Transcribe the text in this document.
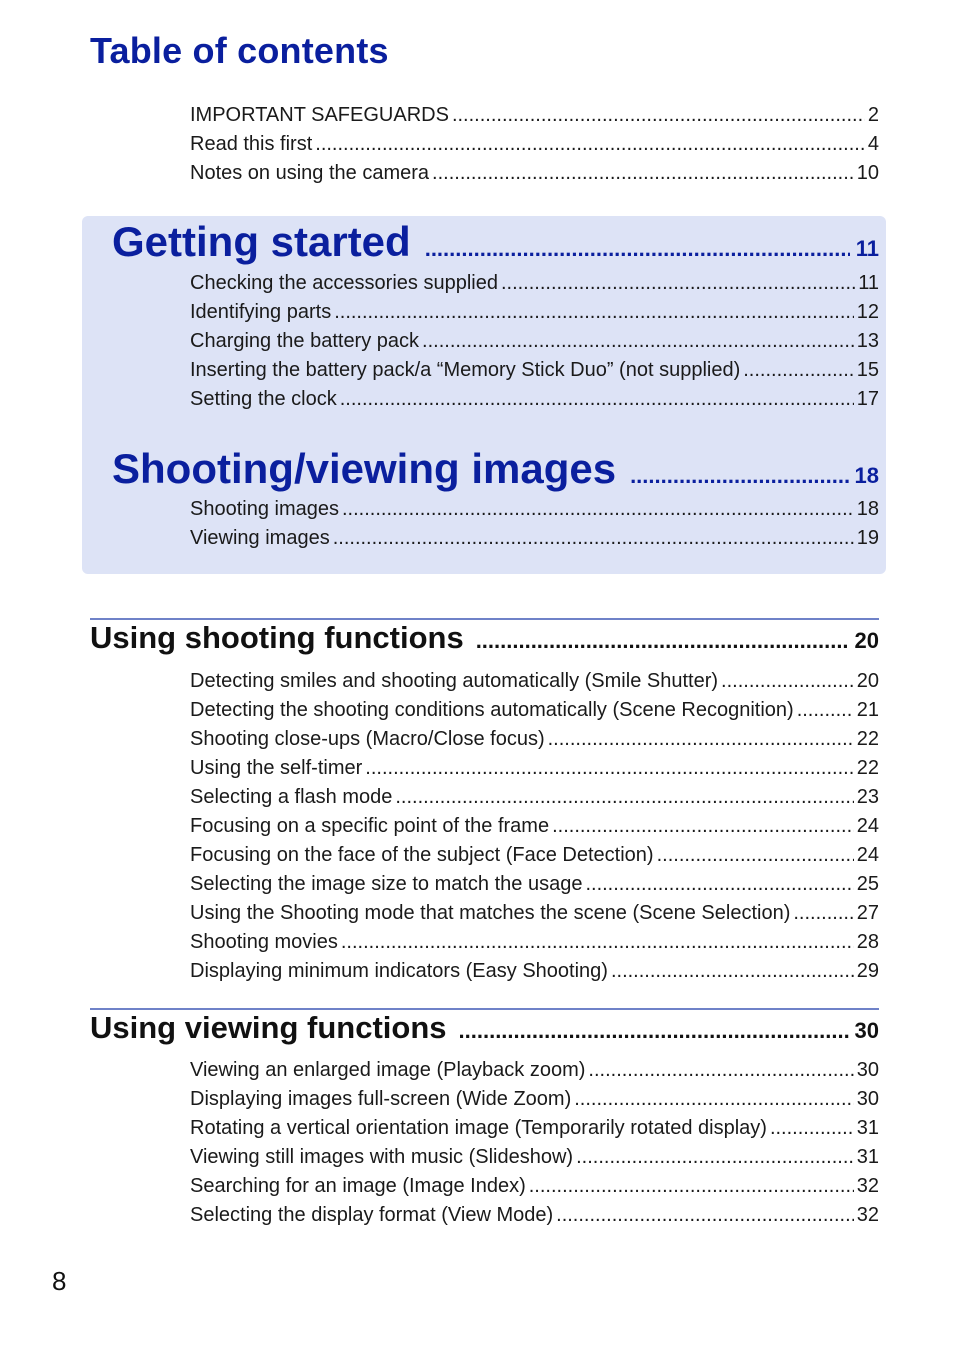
Table of contents
IMPORTANT SAFEGUARDS .....	2
Read this first .....	4
Notes on using the camera .....	10
Getting started .....	11
Checking the accessories supplied .....	11
Identifying parts .....	12
Charging the battery pack .....	13
Inserting the battery pack/a “Memory Stick Duo” (not supplied) .....	15
Setting the clock .....	17
Shooting/viewing images .....	18
Shooting images .....	18
Viewing images .....	19
Using shooting functions .....	20
Detecting smiles and shooting automatically (Smile Shutter) .....	20
Detecting the shooting conditions automatically (Scene Recognition) .....	21
Shooting close-ups (Macro/Close focus) .....	22
Using the self-timer .....	22
Selecting a flash mode .....	23
Focusing on a specific point of the frame .....	24
Focusing on the face of the subject (Face Detection) .....	24
Selecting the image size to match the usage .....	25
Using the Shooting mode that matches the scene (Scene Selection) .....	27
Shooting movies .....	28
Displaying minimum indicators (Easy Shooting) .....	29
Using viewing functions .....	30
Viewing an enlarged image (Playback zoom) .....	30
Displaying images full-screen (Wide Zoom) .....	30
Rotating a vertical orientation image (Temporarily rotated display) .....	31
Viewing still images with music (Slideshow) .....	31
Searching for an image (Image Index) .....	32
Selecting the display format (View Mode) .....	32
8
